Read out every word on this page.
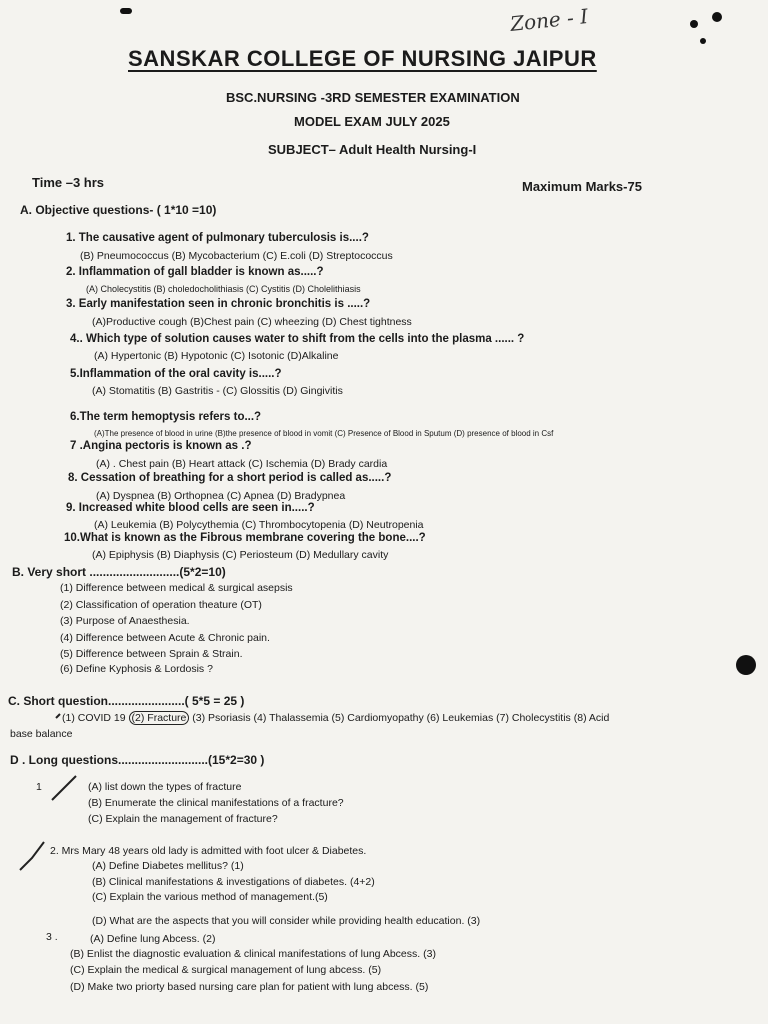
Zone - I
SANSKAR COLLEGE OF NURSING JAIPUR
BSC.NURSING -3RD SEMESTER EXAMINATION
MODEL EXAM JULY 2025
SUBJECT– Adult Health Nursing-I
Time –3 hrs	Maximum Marks-75
A. Objective questions- ( 1*10 =10)
1. The causative agent of pulmonary tuberculosis is....?
(B) Pneumococcus (B) Mycobacterium (C) E.coli (D) Streptococcus
2. Inflammation of gall bladder is known as.....?
(A) Cholecystitis (B) choledocholithiasis (C) Cystitis (D) Cholelithiasis
3. Early manifestation seen in chronic bronchitis is .....?
(A)Productive cough (B)Chest pain (C) wheezing (D) Chest tightness
4.. Which type of solution causes water to shift from the cells into the plasma ...... ?
(A) Hypertonic (B) Hypotonic (C) Isotonic (D)Alkaline
5.Inflammation of the oral cavity is.....?
(A) Stomatitis (B) Gastritis - (C) Glossitis (D) Gingivitis
6.The term hemoptysis refers to...?
(A)The presence of blood in urine (B)the presence of blood in vomit (C) Presence of Blood in Sputum (D) presence of blood in Csf
7 .Angina pectoris is known as .?
(A) . Chest pain (B) Heart attack (C) Ischemia (D) Brady cardia
8. Cessation of breathing for a short period is called as.....?
(A) Dyspnea (B) Orthopnea (C) Apnea (D) Bradypnea
9. Increased white blood cells are seen in.....?
(A) Leukemia (B) Polycythemia (C) Thrombocytopenia (D) Neutropenia
10.What is known as the Fibrous membrane covering the bone....?
(A) Epiphysis (B) Diaphysis (C) Periosteum (D) Medullary cavity
B. Very short ...........................(5*2=10)
(1) Difference between medical & surgical asepsis
(2) Classification of operation theature (OT)
(3) Purpose of Anaesthesia.
(4) Difference between Acute & Chronic pain.
(5) Difference between Sprain & Strain.
(6) Define Kyphosis & Lordosis ?
C. Short question.......................( 5*5 = 25 )
(1) COVID 19 (2) Fracture (3) Psoriasis (4) Thalassemia (5) Cardiomyopathy (6) Leukemias (7) Cholecystitis (8) Acid
base balance
D . Long questions...........................(15*2=30 )
1	(A) list down the types of fracture
(B) Enumerate the clinical manifestations of a fracture?
(C) Explain the management of fracture?
2. Mrs Mary 48 years old lady is admitted with foot ulcer & Diabetes.
(A) Define Diabetes mellitus? (1)
(B) Clinical manifestations & investigations of diabetes. (4+2)
(C) Explain the various method of management.(5)
(D) What are the aspects that you will consider while providing health education. (3)
3 .	(A) Define lung Abcess. (2)
(B) Enlist the diagnostic evaluation & clinical manifestations of lung Abcess. (3)
(C) Explain the medical & surgical management of lung abcess. (5)
(D) Make two priorty based nursing care plan for patient with lung abcess. (5)
